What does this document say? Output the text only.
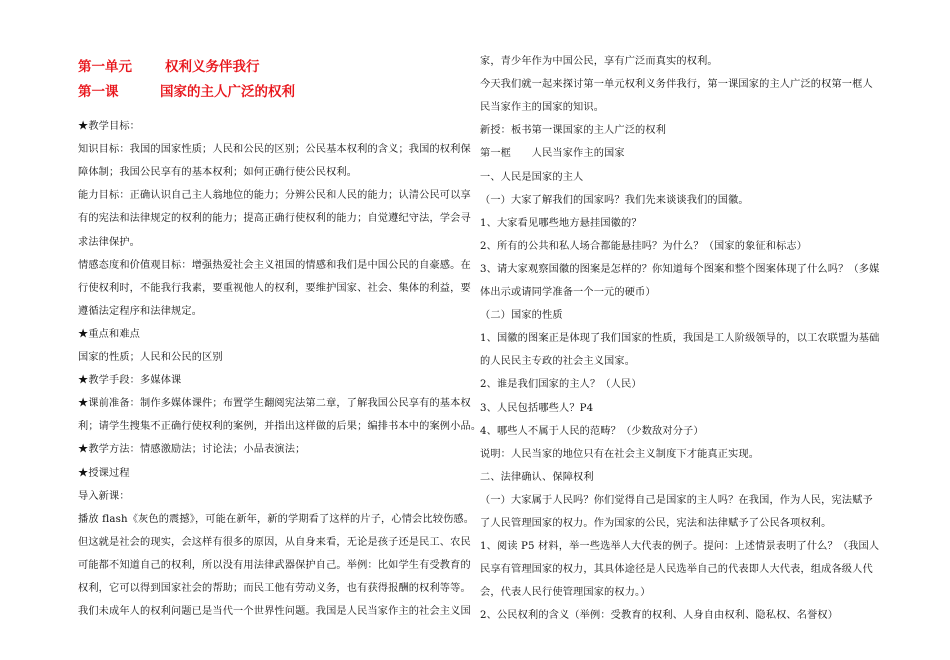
第一单元 权利义务伴我行
第一课	国家的主人广泛的权利

★教学目标：

知识目标：我国的国家性质；人民和公民的区别；公民基本权利的含义；我国的权利保

障体制；我国公民享有的基本权利；如何正确行使公民权利。

能力目标：正确认识自己主人翁地位的能力；分辨公民和人民的能力；认清公民可以享

有的宪法和法律规定的权利的能力；提高正确行使权利的能力；自觉遵纪守法，学会寻

求法律保护。

情感态度和价值观目标：增强热爱社会主义祖国的情感和我们是中国公民的自豪感。在

行使权利时，不能我行我素，要重视他人的权利，要维护国家、社会、集体的利益，要

遵循法定程序和法律规定。

★重点和难点

国家的性质；人民和公民的区别

★教学手段：多媒体课

★课前准备：制作多媒体课件；布置学生翻阅宪法第二章，了解我国公民享有的基本权

利；请学生搜集不正确行使权利的案例，并指出这样做的后果；编排书本中的案例小品。

★教学方法：情感激励法；讨论法；小品表演法；

★授课过程

导入新课：

播放 flash《灰色的震撼》，可能在新年，新的学期看了这样的片子，心情会比较伤感。

但这就是社会的现实，会这样有很多的原因，从自身来看，无论是孩子还是民工、农民

可能都不知道自己的权利，所以没有用法律武器保护自己。举例：比如学生有受教育的

权利，它可以得到国家社会的帮助；而民工他有劳动义务，也有获得报酬的权利等等。

我们未成年人的权利问题已是当代一个世界性问题。我国是人民当家作主的社会主义国

家，青少年作为中国公民，享有广泛而真实的权利。

今天我们就一起来探讨第一单元权利义务伴我行，第一课国家的主人广泛的权第一框人

民当家作主的国家的知识。

新授：板书第一课国家的主人广泛的权利

第一框　　人民当家作主的国家

一、人民是国家的主人

（一）大家了解我们的国家吗？我们先来谈谈我们的国徽。

1、大家看见哪些地方悬挂国徽的？

2、所有的公共和私人场合都能悬挂吗？为什么？（国家的象征和标志）

3、请大家观察国徽的图案是怎样的？你知道每个图案和整个图案体现了什么吗？（多媒

体出示或请同学准备一个一元的硬币）

（二）国家的性质

1、国徽的图案正是体现了我们国家的性质，我国是工人阶级领导的，以工农联盟为基础

的人民民主专政的社会主义国家。

2、谁是我们国家的主人？（人民）

3、人民包括哪些人？P4

4、哪些人不属于人民的范畴？（少数敌对分子）

说明：人民当家的地位只有在社会主义制度下才能真正实现。

二、法律确认、保障权利

（一）大家属于人民吗？你们觉得自己是国家的主人吗？在我国，作为人民，宪法赋予

了人民管理国家的权力。作为国家的公民，宪法和法律赋予了公民各项权利。

1、阅读 P5 材料，举一些选举人大代表的例子。提问：上述情景表明了什么？（我国人

民享有管理国家的权力，其具体途径是人民选举自己的代表即人大代表，组成各级人代

会，代表人民行使管理国家的权力。）

2、公民权利的含义（举例：受教育的权利、人身自由权利、隐私权、名誉权）
